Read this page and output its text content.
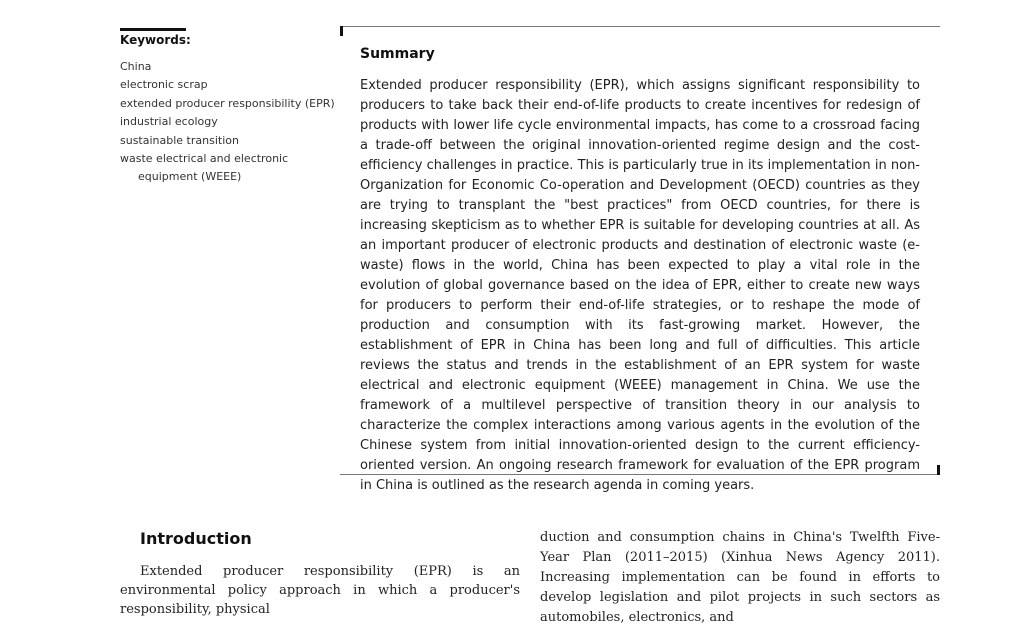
Keywords:
China
electronic scrap
extended producer responsibility (EPR)
industrial ecology
sustainable transition
waste electrical and electronic equipment (WEEE)
Summary

Extended producer responsibility (EPR), which assigns significant responsibility to producers to take back their end-of-life products to create incentives for redesign of products with lower life cycle environmental impacts, has come to a crossroad facing a trade-off between the original innovation-oriented regime design and the cost-efficiency challenges in practice. This is particularly true in its implementation in non-Organization for Economic Co-operation and Development (OECD) countries as they are trying to transplant the "best practices" from OECD countries, for there is increasing skepticism as to whether EPR is suitable for developing countries at all. As an important producer of electronic products and destination of electronic waste (e-waste) flows in the world, China has been expected to play a vital role in the evolution of global governance based on the idea of EPR, either to create new ways for producers to perform their end-of-life strategies, or to reshape the mode of production and consumption with its fast-growing market. However, the establishment of EPR in China has been long and full of difficulties. This article reviews the status and trends in the establishment of an EPR system for waste electrical and electronic equipment (WEEE) management in China. We use the framework of a multilevel perspective of transition theory in our analysis to characterize the complex interactions among various agents in the evolution of the Chinese system from initial innovation-oriented design to the current efficiency-oriented version. An ongoing research framework for evaluation of the EPR program in China is outlined as the research agenda in coming years.

Introduction

Extended producer responsibility (EPR) is an environmental policy approach in which a producer's responsibility, physical

duction and consumption chains in China's Twelfth Five-Year Plan (2011–2015) (Xinhua News Agency 2011). Increasing implementation can be found in efforts to develop legislation and pilot projects in such sectors as automobiles, electronics, and
